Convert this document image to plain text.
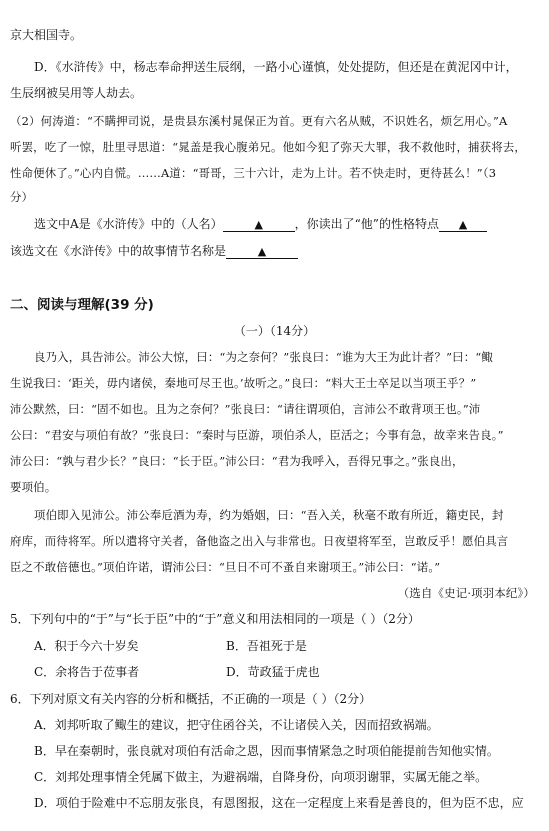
京大相国寺。
D．《水浒传》中，杨志奉命押送生辰纲，一路小心谨慎，处处提防，但还是在黄泥冈中计，
生辰纲被吴用等人劫去。
（2）何涛道：“不瞒押司说，是贵县东溪村晁保正为首。更有六名从贼，不识姓名，烦乞用心。”A
听罢，吃了一惊，肚里寻思道：“晁盖是我心腹弟兄。他如今犯了弥天大罪，我不救他时，捕获将去，
性命便休了。”心内自慌。……A道：“哥哥，三十六计，走为上计。若不快走时，更待甚么！”（3
分）
选文中A是《水浒传》中的（人名）	▲	，你读出了“他”的性格特点 ▲
该选文在《水浒传》中的故事情节名称是	▲
二、阅读与理解(39 分)
（一）（14分）
良乃入，具告沛公。沛公大惊，曰：“为之奈何？”张良曰：“谁为大王为此计者？”曰：“鲰
生说我曰：‘距关，毋内诸侯，秦地可尽王也。’故听之。”良曰：“料大王士卒足以当项王乎？”
沛公默然，曰：“固不如也。且为之奈何？”张良曰：“请往谓项伯，言沛公不敢背项王也。”沛
公曰：“君安与项伯有故？”张良曰：“秦时与臣游，项伯杀人，臣活之；今事有急，故幸来告良。”
沛公曰：“孰与君少长？”良曰：“长于臣。”沛公曰：“君为我呼入，吾得兄事之。”张良出，
要项伯。
项伯即入见沛公。沛公奉卮酒为寿，约为婚姻，曰：“吾入关，秋毫不敢有所近，籍吏民，封
府库，而待将军。所以遣将守关者，备他盗之出入与非常也。日夜望将军至，岂敢反乎！愿伯具言
臣之不敢倍德也。”项伯许诺，谓沛公曰：“旦日不可不蚤自来谢项王。”沛公曰：“诺。”
（选自《史记·项羽本纪》）
5．下列句中的“于”与“长于臣”中的“于”意义和用法相同的一项是（ ）（2分）
A．积于今六十岁矣	B．吾祖死于是
C．余将告于莅事者	D．苛政猛于虎也
6．下列对原文有关内容的分析和概括，不正确的一项是（ ）（2分）
A．刘邦听取了鲰生的建议，把守住函谷关，不让诸侯入关，因而招致祸端。
B．早在秦朝时，张良就对项伯有活命之恩，因而事情紧急之时项伯能提前告知他实情。
C．刘邦处理事情全凭属下做主，为避祸端，自降身份，向项羽谢罪，实属无能之举。
D．项伯于险难中不忘朋友张良，有恩图报，这在一定程度上来看是善良的，但为臣不忠，应
